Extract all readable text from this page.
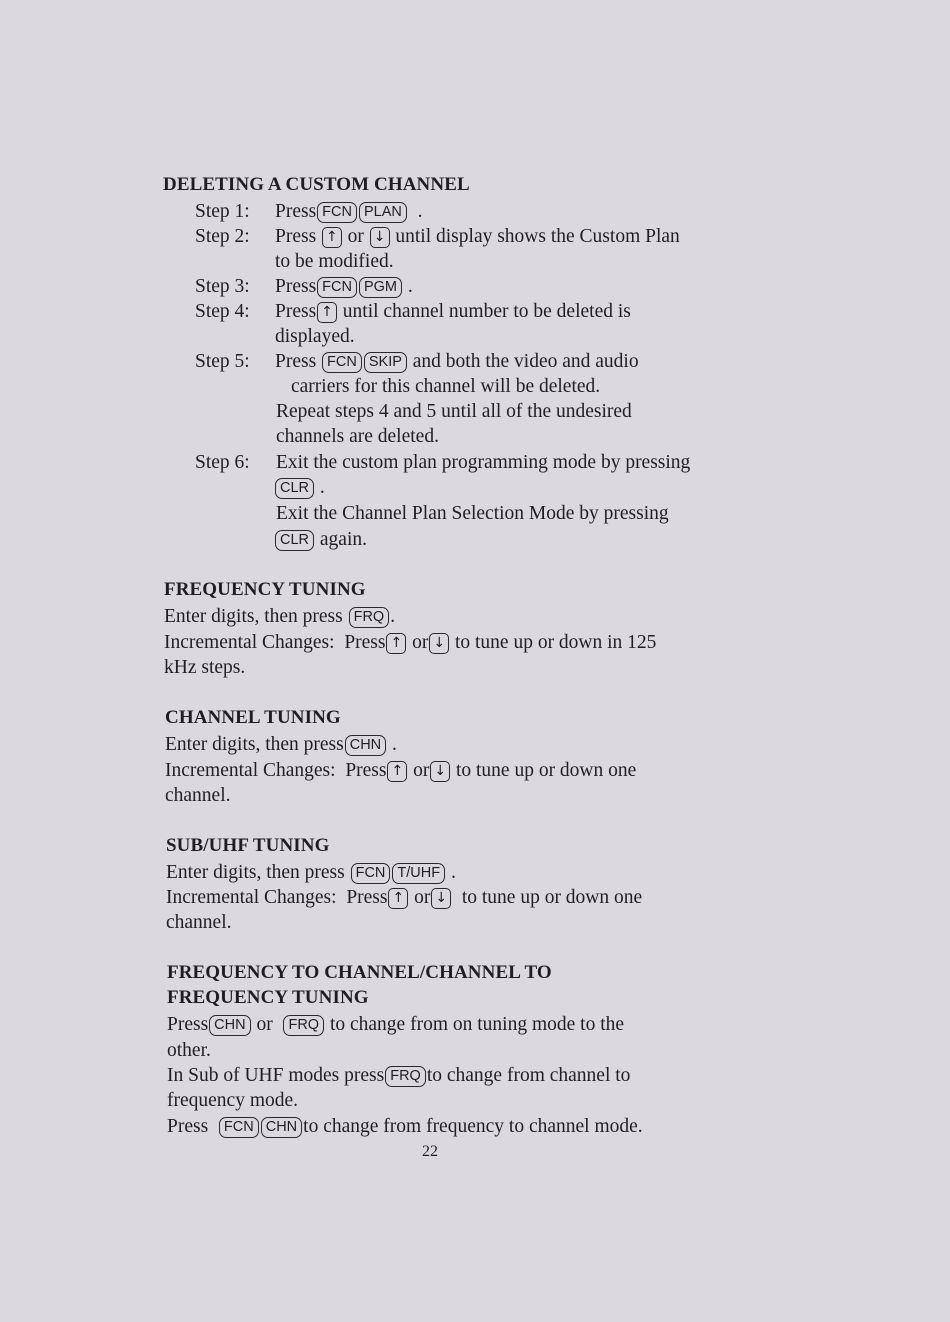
DELETING A CUSTOM CHANNEL
Step 1: Press FCN PLAN .
Step 2: Press ↑ or ↓ until display shows the Custom Plan
to be modified.
Step 3: Press FCN PGM .
Step 4: Press ↑ until channel number to be deleted is
displayed.
Step 5: Press FCN SKIP and both the video and audio
carriers for this channel will be deleted.
Repeat steps 4 and 5 until all of the undesired
channels are deleted.
Step 6: Exit the custom plan programming mode by pressing
CLR .
Exit the Channel Plan Selection Mode by pressing
CLR again.
FREQUENCY TUNING
Enter digits, then press FRQ .
Incremental Changes: Press ↑ or ↓ to tune up or down in 125
kHz steps.
CHANNEL TUNING
Enter digits, then press CHN .
Incremental Changes: Press ↑ or ↓ to tune up or down one
channel.
SUB/UHF TUNING
Enter digits, then press FCN T/UHF .
Incremental Changes: Press ↑ or ↓ to tune up or down one
channel.
FREQUENCY TO CHANNEL/CHANNEL TO
FREQUENCY TUNING
Press CHN or FRQ to change from on tuning mode to the
other.
In Sub of UHF modes press FRQ to change from channel to
frequency mode.
Press FCN CHN to change from frequency to channel mode.
22
